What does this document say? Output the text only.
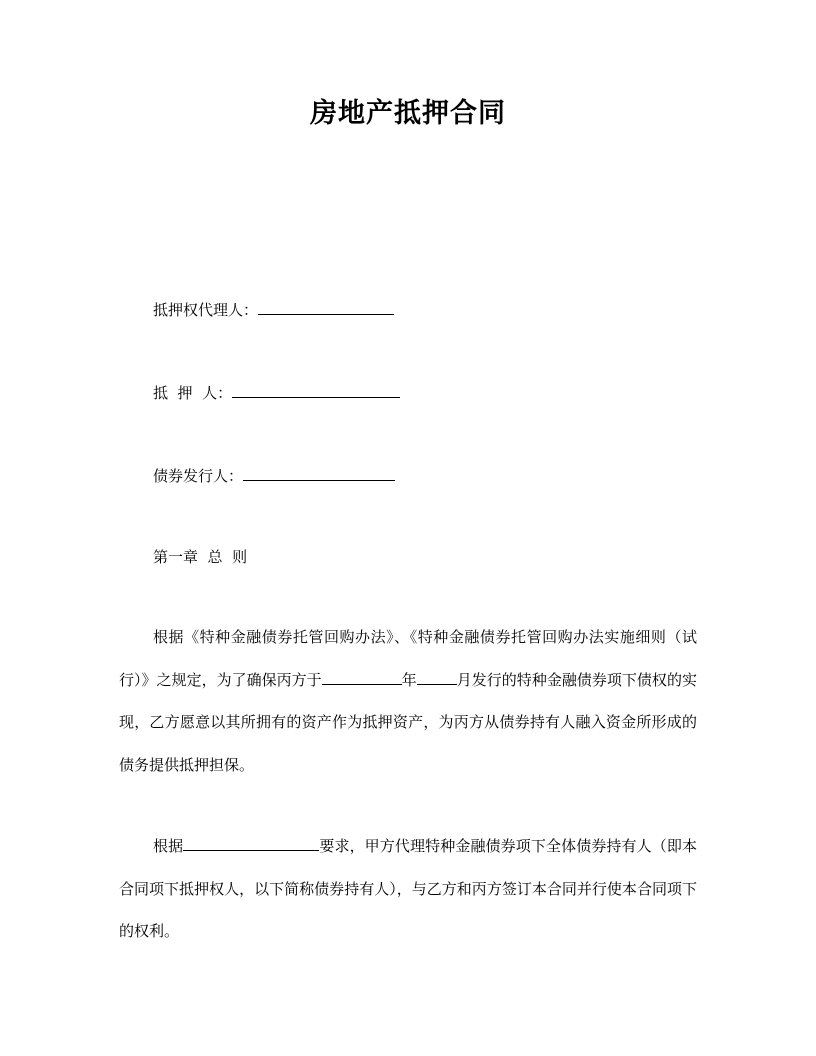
房地产抵押合同
抵押权代理人：
抵  押  人：
债券发行人：
第一章  总  则
根据《特种金融债券托管回购办法》、《特种金融债券托管回购办法实施细则（试行）》之规定，为了确保丙方于	年	月发行的特种金融债券项下债权的实现，乙方愿意以其所拥有的资产作为抵押资产，为丙方从债券持有人融入资金所形成的债务提供抵押担保。
根据	要求，甲方代理特种金融债券项下全体债券持有人（即本合同项下抵押权人，以下简称债券持有人），与乙方和丙方签订本合同并行使本合同项下的权利。
